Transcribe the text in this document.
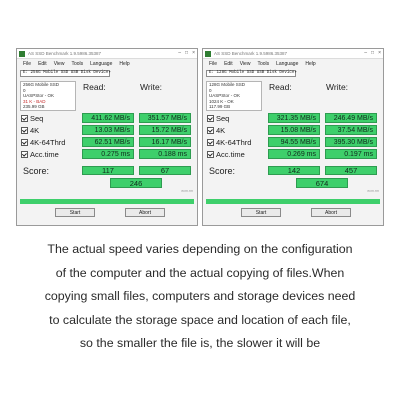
AS SSD Benchmark 1.9.5986.35387	– □ ×
File Edit View Tools Language Help
E: 256G Mobile SSD USB Disk Device ▾
256G Mobile SSD
0
UASPStor - OK
31 K - BAD
235.99 GB
Read:	Write:
Seq	411.62 MB/s	351.57 MB/s
4K	13.03 MB/s	15.72 MB/s
4K-64Thrd	62.51 MB/s	16.17 MB/s
Acc.time	0.275 ms	0.188 ms
Score:	117	67
246
ecm.rm
Start	Abort
AS SSD Benchmark 1.9.5986.35387	– □ ×
File Edit View Tools Language Help
E: 128G Mobile SSD USB Disk Device ▾
128G Mobile SSD
0
UASPStor - OK
1024 K - OK
117.99 GB
Read:	Write:
Seq	321.35 MB/s	246.49 MB/s
4K	15.08 MB/s	37.54 MB/s
4K-64Thrd	94.55 MB/s	395.30 MB/s
Acc.time	0.269 ms	0.197 ms
Score:	142	457
674
ecm.rm
Start	Abort

The actual speed varies depending on the configuration

of the computer and the actual copying of files.When

copying small files, computers and storage devices need

to calculate the storage space and location of each file,

so the smaller the file is, the slower it will be
